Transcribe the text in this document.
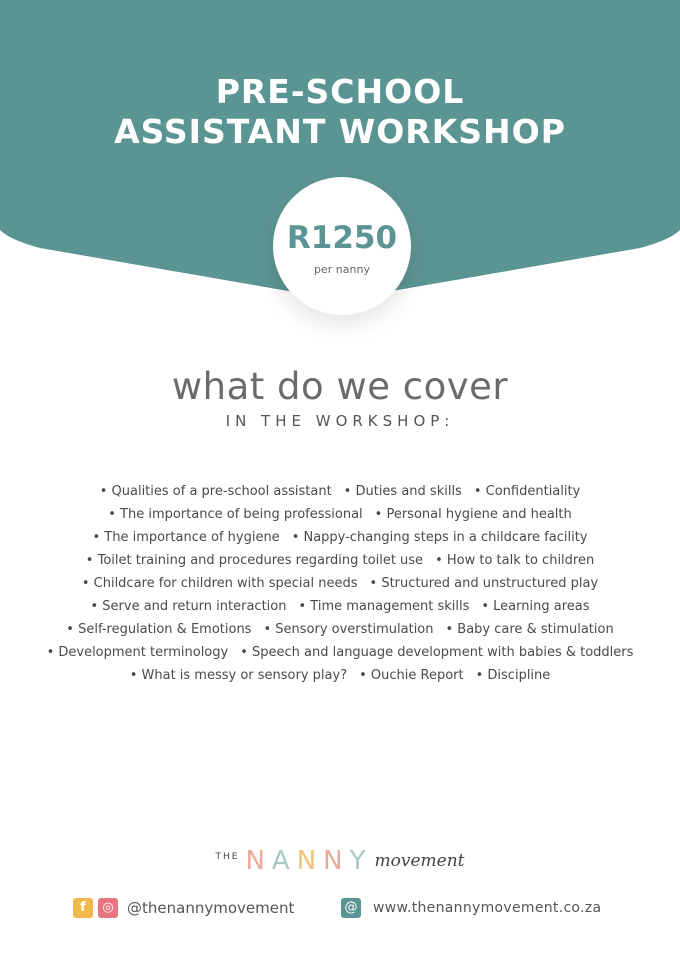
PRE-SCHOOL
ASSISTANT WORKSHOP
R1250
per nanny
what do we cover
IN THE WORKSHOP:
• Qualities of a pre-school assistant • Duties and skills • Confidentiality
• The importance of being professional • Personal hygiene and health
• The importance of hygiene • Nappy-changing steps in a childcare facility
• Toilet training and procedures regarding toilet use • How to talk to children
• Childcare for children with special needs • Structured and unstructured play
• Serve and return interaction • Time management skills • Learning areas
• Self-regulation & Emotions • Sensory overstimulation • Baby care & stimulation
• Development terminology • Speech and language development with babies & toddlers
• What is messy or sensory play? • Ouchie Report • Discipline
THE NANNY movement
f	◎ @thenannymovement	@ www.thenannymovement.co.za
